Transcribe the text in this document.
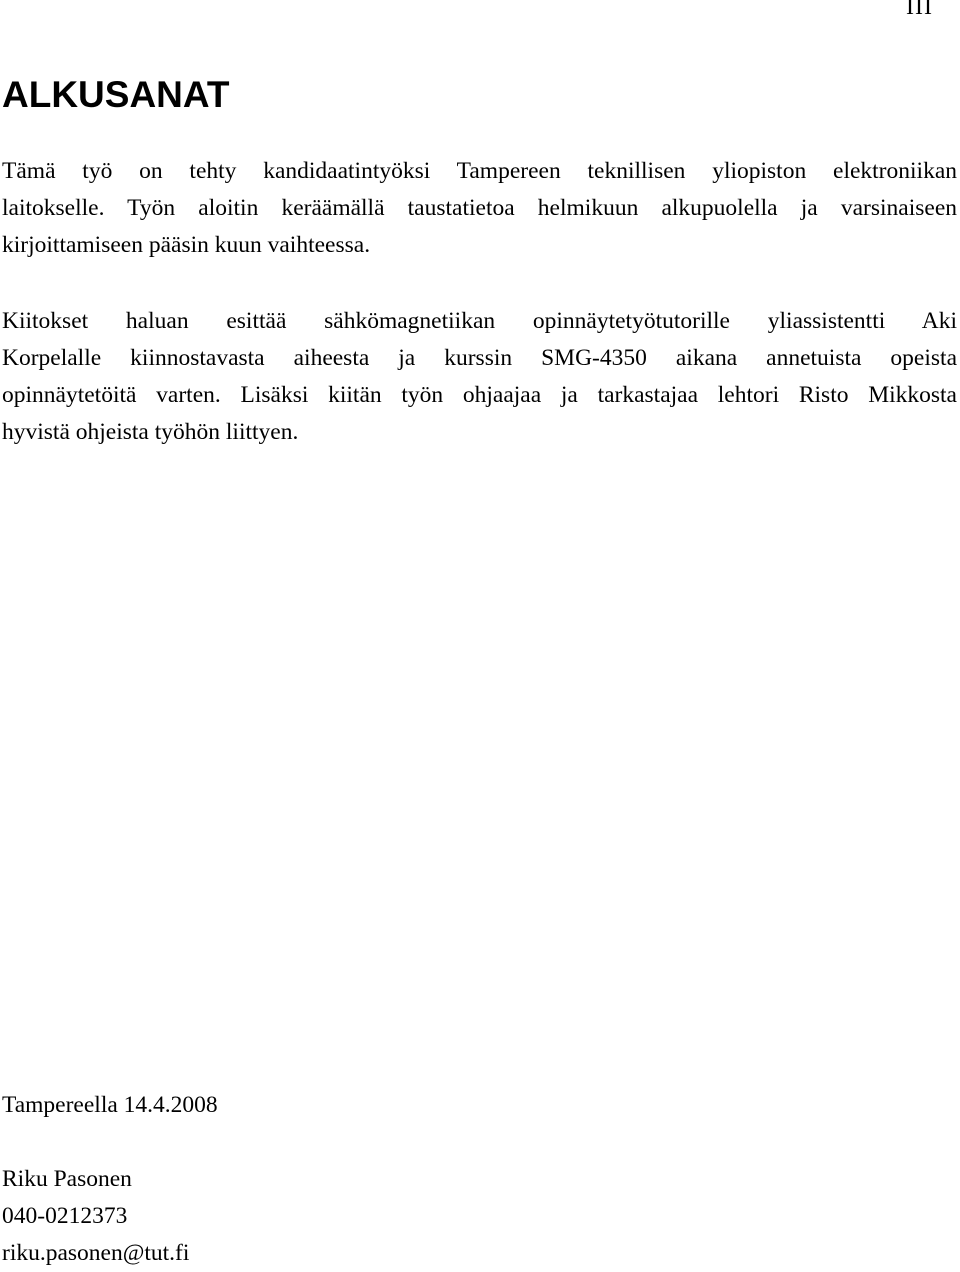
III
ALKUSANAT

Tämä työ on tehty kandidaatintyöksi Tampereen teknillisen yliopiston elektroniikan
laitokselle. Työn aloitin keräämällä taustatietoa helmikuun alkupuolella ja varsinaiseen
kirjoittamiseen pääsin kuun vaihteessa.

Kiitokset haluan esittää sähkömagnetiikan opinnäytetyötutorille yliassistentti Aki
Korpelalle kiinnostavasta aiheesta ja kurssin SMG-4350 aikana annetuista opeista
opinnäytetöitä varten. Lisäksi kiitän työn ohjaajaa ja tarkastajaa lehtori Risto Mikkosta
hyvistä ohjeista työhön liittyen.

Tampereella 14.4.2008
Riku Pasonen
040-0212373
riku.pasonen@tut.fi
